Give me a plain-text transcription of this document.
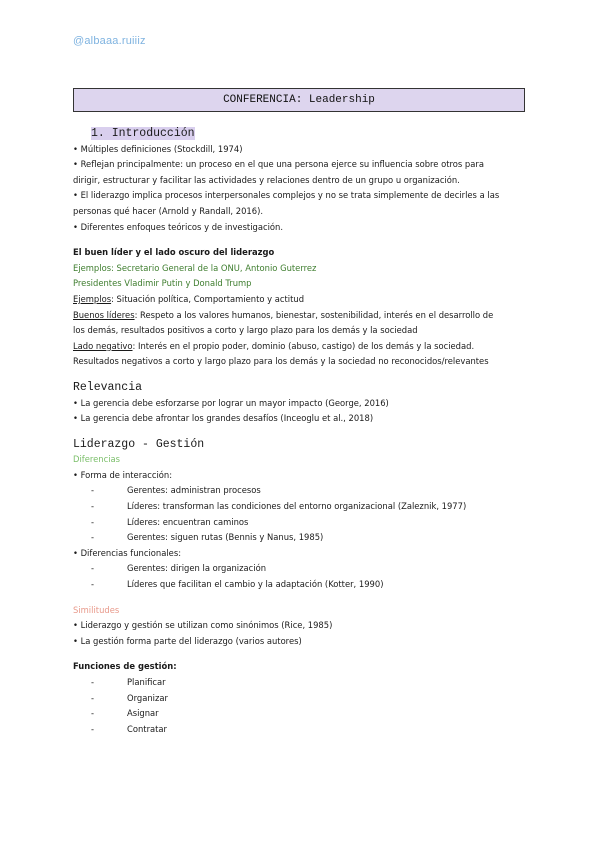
@albaaa.ruiiiz
CONFERENCIA: Leadership
1. Introducción
• Múltiples definiciones (Stockdill, 1974)
• Reflejan principalmente: un proceso en el que una persona ejerce su influencia sobre otros para
dirigir, estructurar y facilitar las actividades y relaciones dentro de un grupo u organización.
• El liderazgo implica procesos interpersonales complejos y no se trata simplemente de decirles a las
personas qué hacer (Arnold y Randall, 2016).
• Diferentes enfoques teóricos y de investigación.
El buen líder y el lado oscuro del liderazgo
Ejemplos: Secretario General de la ONU, Antonio Guterrez
Presidentes Vladimir Putin y Donald Trump
Ejemplos: Situación política, Comportamiento y actitud
Buenos líderes: Respeto a los valores humanos, bienestar, sostenibilidad, interés en el desarrollo de
los demás, resultados positivos a corto y largo plazo para los demás y la sociedad
Lado negativo: Interés en el propio poder, dominio (abuso, castigo) de los demás y la sociedad.
Resultados negativos a corto y largo plazo para los demás y la sociedad no reconocidos/relevantes
Relevancia
• La gerencia debe esforzarse por lograr un mayor impacto (George, 2016)
• La gerencia debe afrontar los grandes desafíos (Inceoglu et al., 2018)
Liderazgo - Gestión
Diferencias
• Forma de interacción:
-	Gerentes: administran procesos
-	Líderes: transforman las condiciones del entorno organizacional (Zaleznik, 1977)
-	Líderes: encuentran caminos
-	Gerentes: siguen rutas (Bennis y Nanus, 1985)
• Diferencias funcionales:
-	Gerentes: dirigen la organización
-	Líderes que facilitan el cambio y la adaptación (Kotter, 1990)
Similitudes
• Liderazgo y gestión se utilizan como sinónimos (Rice, 1985)
• La gestión forma parte del liderazgo (varios autores)
Funciones de gestión:
-	Planificar
-	Organizar
-	Asignar
-	Contratar
